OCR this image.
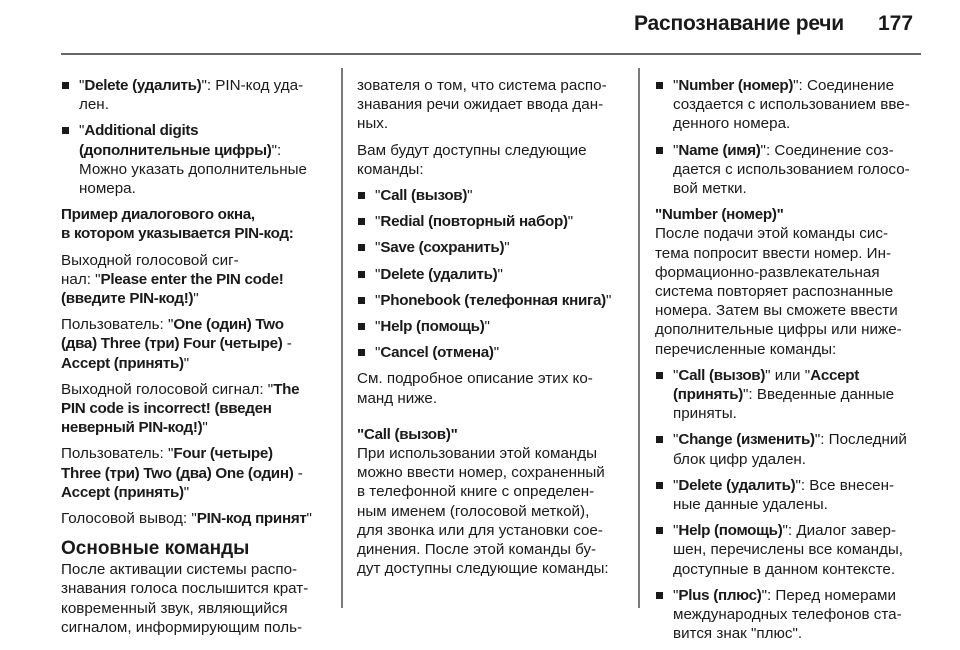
Распознавание речи 177
"Delete (удалить)": PIN-код уда-
лен.
"Additional digits
(дополнительные цифры)":
Можно указать дополнительные
номера.

Пример диалогового окна,
в котором указывается PIN-код:

Выходной голосовой сиг-
нал: "Please enter the PIN code!
(введите PIN-код!)"

Пользователь: "One (один) Two
(два) Three (три) Four (четыре) -
Accept (принять)"

Выходной голосовой сигнал: "The
PIN code is incorrect! (введен
неверный PIN-код!)"

Пользователь: "Four (четыре)
Three (три) Two (два) One (один) -
Accept (принять)"

Голосовой вывод: "PIN-код принят"

Основные команды

После активации системы распо-
знавания голоса послышится крат-
ковременный звук, являющийся
сигналом, информирующим поль-

зователя о том, что система распо-
знавания речи ожидает ввода дан-
ных.

Вам будут доступны следующие
команды:

"Call (вызов)"
"Redial (повторный набор)"
"Save (сохранить)"
"Delete (удалить)"
"Phonebook (телефонная книга)"
"Help (помощь)"
"Cancel (отмена)"

См. подробное описание этих ко-
манд ниже.

"Call (вызов)"

При использовании этой команды
можно ввести номер, сохраненный
в телефонной книге с определен-
ным именем (голосовой меткой),
для звонка или для установки сое-
динения. После этой команды бу-
дут доступны следующие команды:

"Number (номер)": Соединение
создается с использованием вве-
денного номера.
"Name (имя)": Соединение соз-
дается с использованием голосо-
вой метки.
"Number (номер)"

После подачи этой команды сис-
тема попросит ввести номер. Ин-
формационно-развлекательная
система повторяет распознанные
номера. Затем вы сможете ввести
дополнительные цифры или ниже-
перечисленные команды:

"Call (вызов)" или "Accept
(принять)": Введенные данные
приняты.
"Change (изменить)": Последний
блок цифр удален.
"Delete (удалить)": Все внесен-
ные данные удалены.
"Help (помощь)": Диалог завер-
шен, перечислены все команды,
доступные в данном контексте.
"Plus (плюс)": Перед номерами
международных телефонов ста-
вится знак "плюс".
